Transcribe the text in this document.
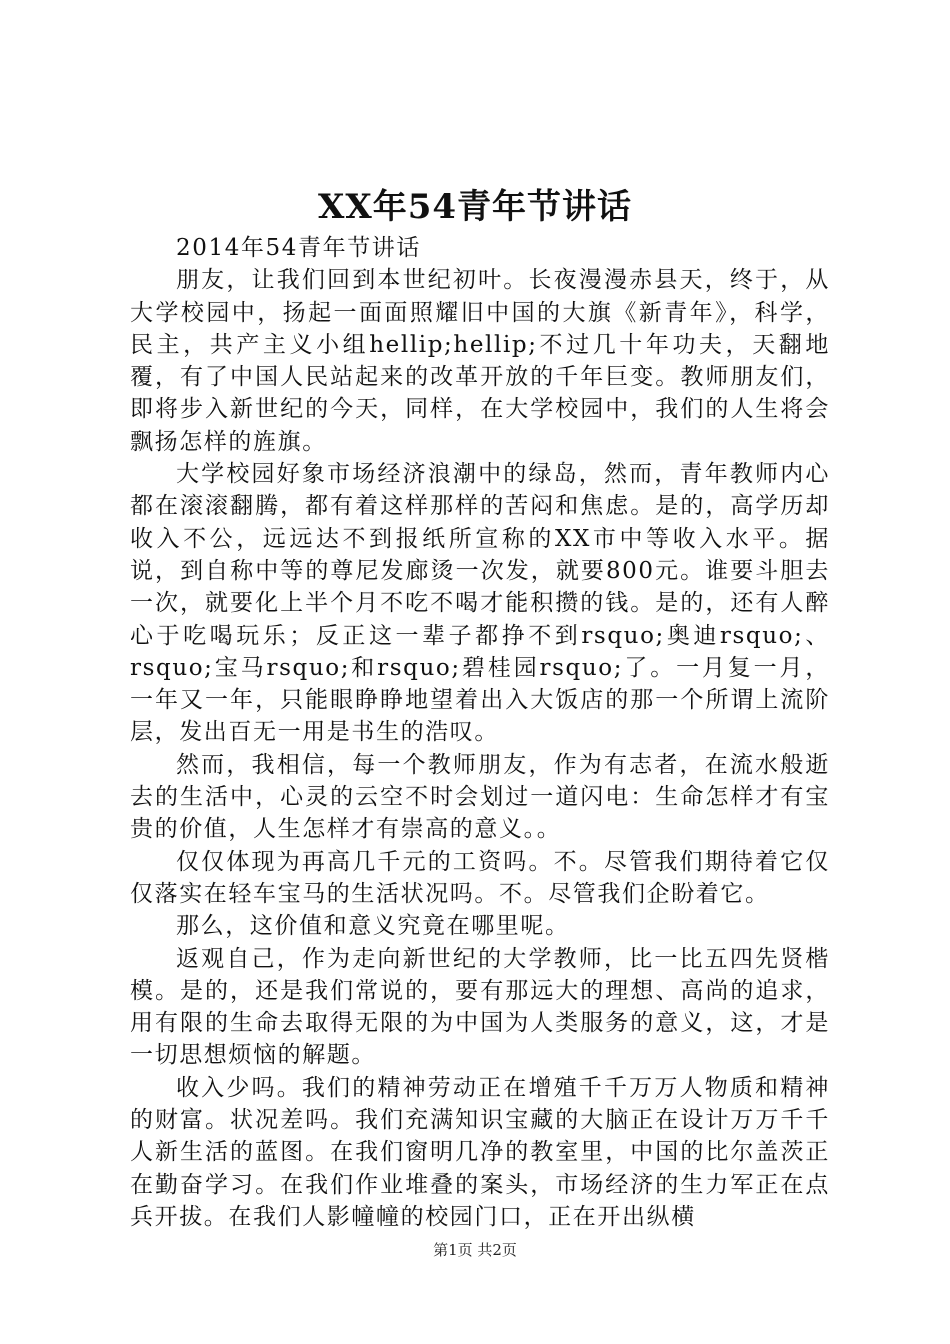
XX年54青年节讲话

2014年54青年节讲话

朋友，让我们回到本世纪初叶。长夜漫漫赤县天，终于，从大学校园中，扬起一面面照耀旧中国的大旗《新青年》，科学，民主，共产主义小组hellip;hellip;不过几十年功夫，天翻地覆，有了中国人民站起来的改革开放的千年巨变。教师朋友们，即将步入新世纪的今天，同样，在大学校园中，我们的人生将会飘扬怎样的旌旗。

大学校园好象市场经济浪潮中的绿岛，然而，青年教师内心都在滚滚翻腾，都有着这样那样的苦闷和焦虑。是的，高学历却收入不公，远远达不到报纸所宣称的XX市中等收入水平。据说，到自称中等的尊尼发廊烫一次发，就要800元。谁要斗胆去一次，就要化上半个月不吃不喝才能积攒的钱。是的，还有人醉心于吃喝玩乐；反正这一辈子都挣不到rsquo;奥迪rsquo;、rsquo;宝马rsquo;和rsquo;碧桂园rsquo;了。一月复一月，一年又一年，只能眼睁睁地望着出入大饭店的那一个所谓上流阶层，发出百无一用是书生的浩叹。

然而，我相信，每一个教师朋友，作为有志者，在流水般逝去的生活中，心灵的云空不时会划过一道闪电：生命怎样才有宝贵的价值，人生怎样才有崇高的意义。。

仅仅体现为再高几千元的工资吗。不。尽管我们期待着它仅仅落实在轻车宝马的生活状况吗。不。尽管我们企盼着它。

那么，这价值和意义究竟在哪里呢。

返观自己，作为走向新世纪的大学教师，比一比五四先贤楷模。是的，还是我们常说的，要有那远大的理想、高尚的追求，用有限的生命去取得无限的为中国为人类服务的意义，这，才是一切思想烦恼的解题。

收入少吗。我们的精神劳动正在增殖千千万万人物质和精神的财富。状况差吗。我们充满知识宝藏的大脑正在设计万万千千人新生活的蓝图。在我们窗明几净的教室里，中国的比尔盖茨正在勤奋学习。在我们作业堆叠的案头，市场经济的生力军正在点兵开拔。在我们人影幢幢的校园门口，正在开出纵横

第1页 共2页
